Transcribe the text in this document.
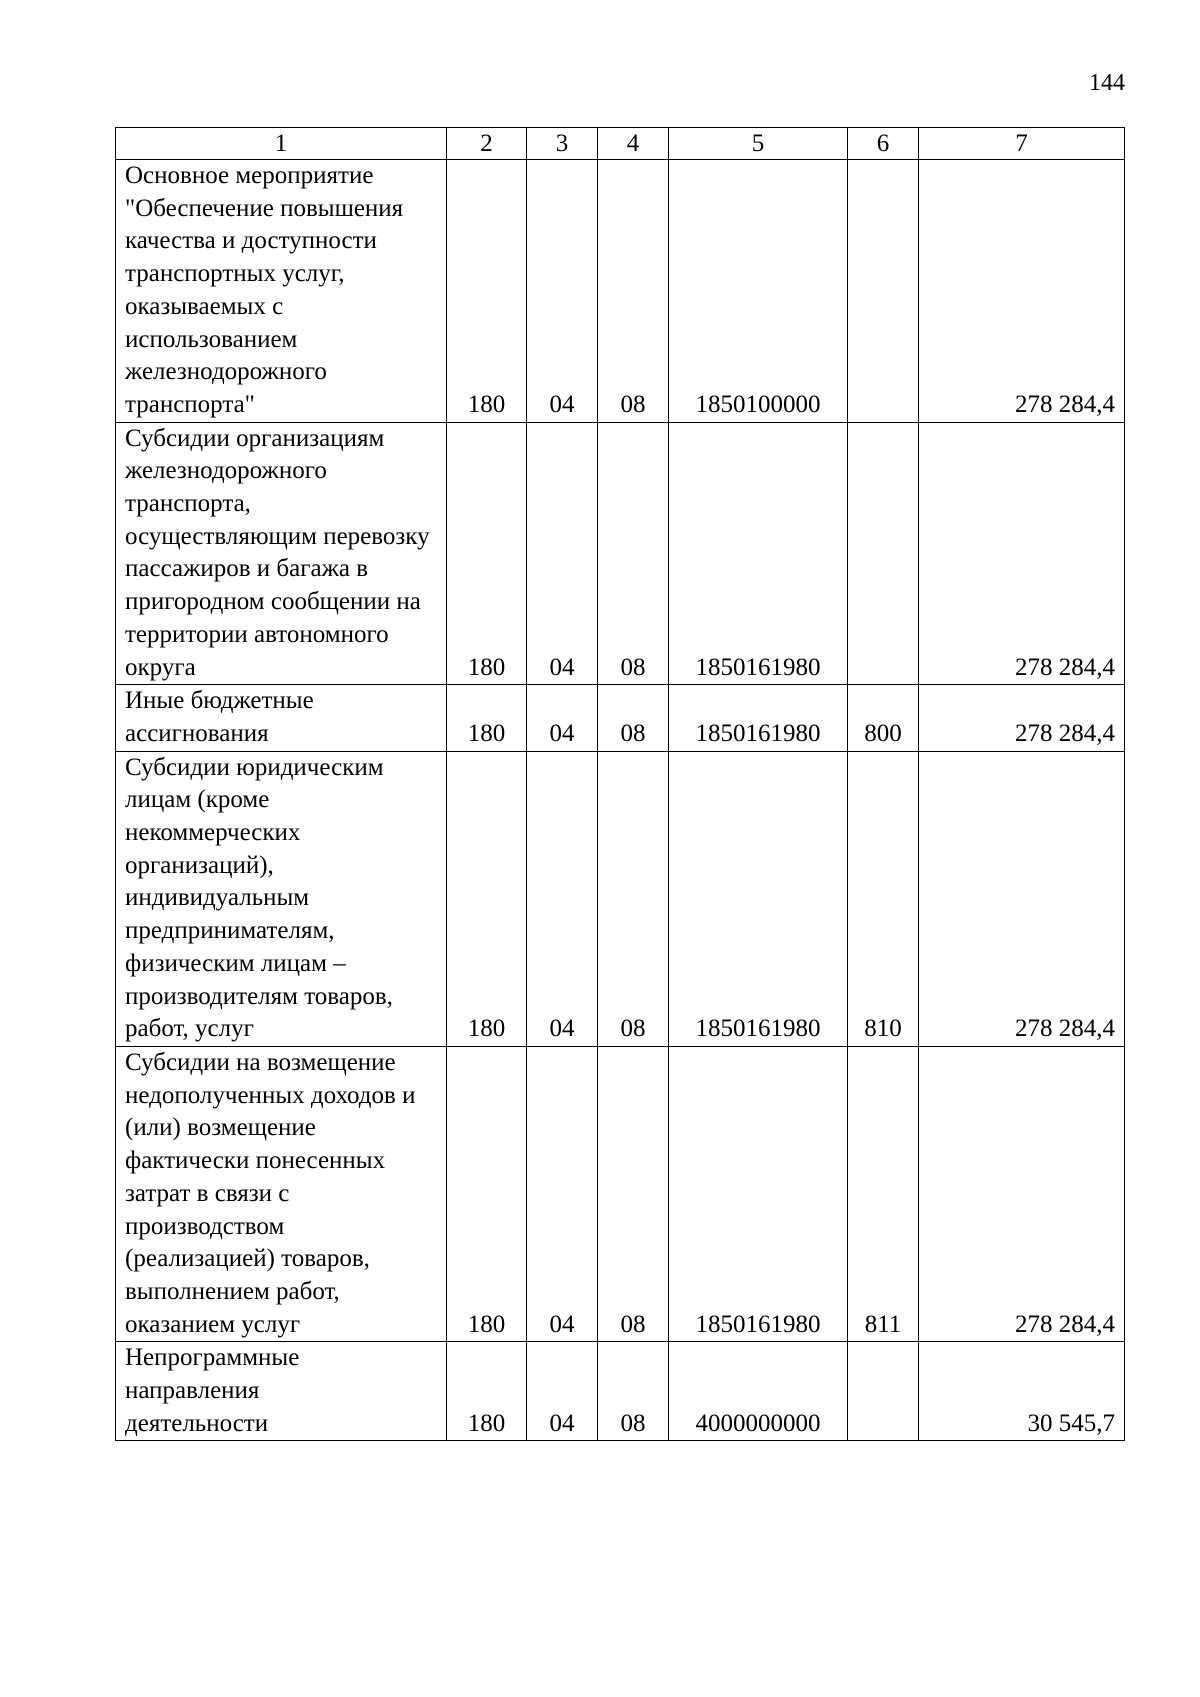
144
1	2	3	4	5	6	7

Основное мероприятие "Обеспечение повышения качества и доступности транспортных услуг, оказываемых с использованием железнодорожного транспорта"	180	04	08	1850100000		278 284,4

Субсидии организациям железнодорожного транспорта, осуществляющим перевозку пассажиров и багажа в пригородном сообщении на территории автономного округа	180	04	08	1850161980		278 284,4

Иные бюджетные ассигнования	180	04	08	1850161980	800	278 284,4

Субсидии юридическим лицам (кроме некоммерческих организаций), индивидуальным предпринимателям, физическим лицам – производителям товаров, работ, услуг	180	04	08	1850161980	810	278 284,4

Субсидии на возмещение недополученных доходов и (или) возмещение фактически понесенных затрат в связи с производством (реализацией) товаров, выполнением работ, оказанием услуг	180	04	08	1850161980	811	278 284,4

Непрограммные направления деятельности	180	04	08	4000000000		30 545,7
